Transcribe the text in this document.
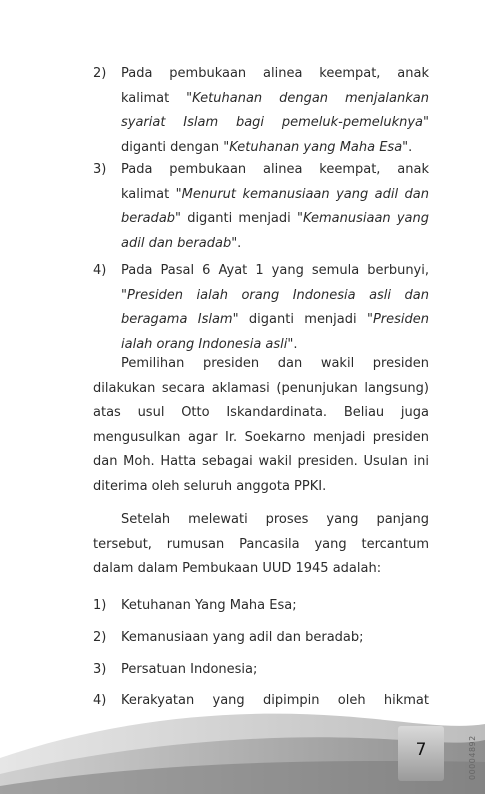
2)	Pada pembukaan alinea keempat, anak kalimat "Ketuhanan dengan menjalankan syariat Islam bagi pemeluk-pemeluknya" diganti dengan "Ketuhanan yang Maha Esa".
3)	Pada pembukaan alinea keempat, anak kalimat "Menurut kemanusiaan yang adil dan beradab" diganti menjadi "Kemanusiaan yang adil dan beradab".
4)	Pada Pasal 6 Ayat 1 yang semula berbunyi, "Presiden ialah orang Indonesia asli dan beragama Islam" diganti menjadi "Presiden ialah orang Indonesia asli".

Pemilihan presiden dan wakil presiden dilakukan secara aklamasi (penunjukan langsung) atas usul Otto Iskandardinata. Beliau juga mengusulkan agar Ir. Soekarno menjadi presiden dan Moh. Hatta sebagai wakil presiden. Usulan ini diterima oleh seluruh anggota PPKI.

Setelah melewati proses yang panjang tersebut, rumusan Pancasila yang tercantum dalam dalam Pembukaan UUD 1945 adalah:

1)	Ketuhanan Yang Maha Esa;
2)	Kemanusiaan yang adil dan beradab;
3)	Persatuan Indonesia;
4)	Kerakyatan yang dipimpin oleh hikmat
7	00004892
